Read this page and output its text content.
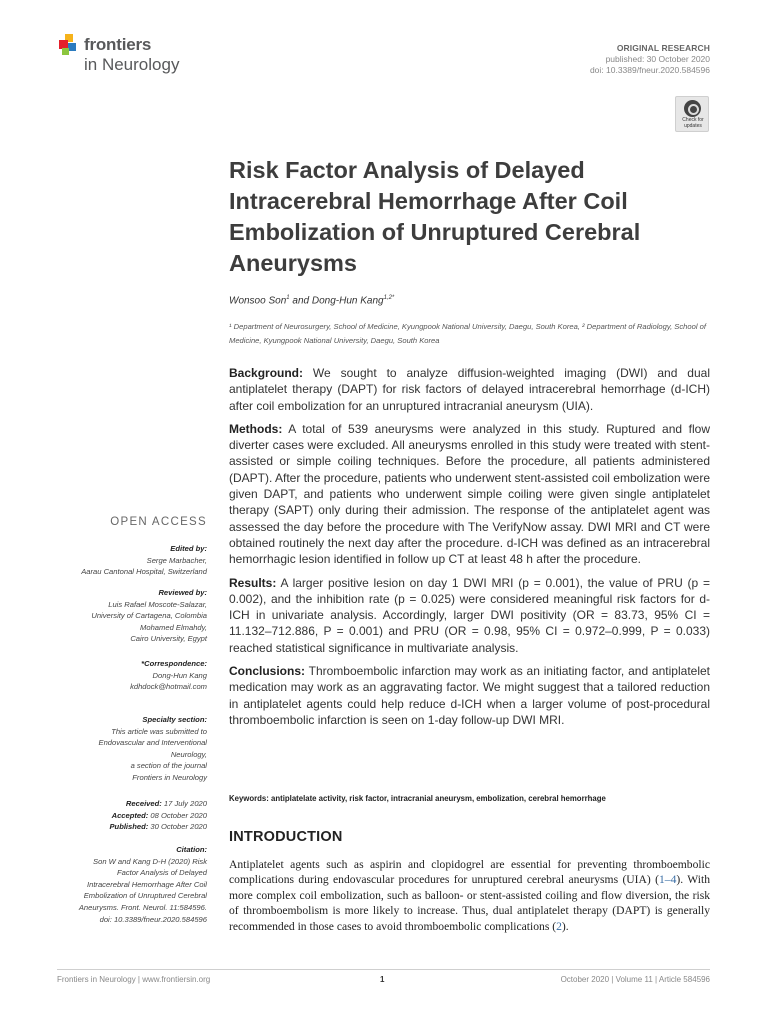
frontiers
in Neurology
ORIGINAL RESEARCH
published: 30 October 2020
doi: 10.3389/fneur.2020.584596
Check for updates
Risk Factor Analysis of Delayed Intracerebral Hemorrhage After Coil Embolization of Unruptured Cerebral Aneurysms
Wonsoo Son$^1$ and Dong-Hun Kang$^{1,2*}$
¹ Department of Neurosurgery, School of Medicine, Kyungpook National University, Daegu, South Korea, ² Department of Radiology, School of Medicine, Kyungpook National University, Daegu, South Korea

Background: We sought to analyze diffusion-weighted imaging (DWI) and dual antiplatelet therapy (DAPT) for risk factors of delayed intracerebral hemorrhage (d-ICH) after coil embolization for an unruptured intracranial aneurysm (UIA).

Methods: A total of 539 aneurysms were analyzed in this study. Ruptured and flow diverter cases were excluded. All aneurysms enrolled in this study were treated with stent-assisted or simple coiling techniques. Before the procedure, all patients administered (DAPT). After the procedure, patients who underwent stent-assisted coil embolization were given DAPT, and patients who underwent simple coiling were given single antiplatelet therapy (SAPT) only during their admission. The response of the antiplatelet agent was assessed the day before the procedure with The VerifyNow assay. DWI MRI and CT were obtained routinely the next day after the procedure. d-ICH was defined as an intracerebral hemorrhagic lesion identified in follow up CT at least 48 h after the procedure.

Results: A larger positive lesion on day 1 DWI MRI (p = 0.001), the value of PRU (p = 0.002), and the inhibition rate (p = 0.025) were considered meaningful risk factors for d-ICH in univariate analysis. Accordingly, larger DWI positivity (OR = 83.73, 95% CI = 11.132–712.886, P = 0.001) and PRU (OR = 0.98, 95% CI = 0.972–0.999, P = 0.033) reached statistical significance in multivariate analysis.

Conclusions: Thromboembolic infarction may work as an initiating factor, and antiplatelet medication may work as an aggravating factor. We might suggest that a tailored reduction in antiplatelet agents could help reduce d-ICH when a larger volume of post-procedural thromboembolic infarction is seen on 1-day follow-up DWI MRI.

Keywords: antiplatelate activity, risk factor, intracranial aneurysm, embolization, cerebral hemorrhage
INTRODUCTION
Antiplatelet agents such as aspirin and clopidogrel are essential for preventing thromboembolic complications during endovascular procedures for unruptured cerebral aneurysms (UIA) (1–4). With more complex coil embolization, such as balloon- or stent-assisted coiling and flow diversion, the risk of thromboembolism is more likely to increase. Thus, dual antiplatelet therapy (DAPT) is generally recommended in those cases to avoid thromboembolic complications (2).
OPEN ACCESS
Edited by:
Serge Marbacher,
Aarau Cantonal Hospital, Switzerland
Reviewed by:
Luis Rafael Moscote-Salazar,
University of Cartagena, Colombia
Mohamed Elmahdy,
Cairo University, Egypt
*Correspondence:
Dong-Hun Kang
kdhdock@hotmail.com
Specialty section:
This article was submitted to
Endovascular and Interventional
Neurology,
a section of the journal
Frontiers in Neurology
Received: 17 July 2020
Accepted: 08 October 2020
Published: 30 October 2020
Citation:
Son W and Kang D-H (2020) Risk
Factor Analysis of Delayed
Intracerebral Hemorrhage After Coil
Embolization of Unruptured Cerebral
Aneurysms. Front. Neurol. 11:584596.
doi: 10.3389/fneur.2020.584596
Frontiers in Neurology | www.frontiersin.org	1	October 2020 | Volume 11 | Article 584596
